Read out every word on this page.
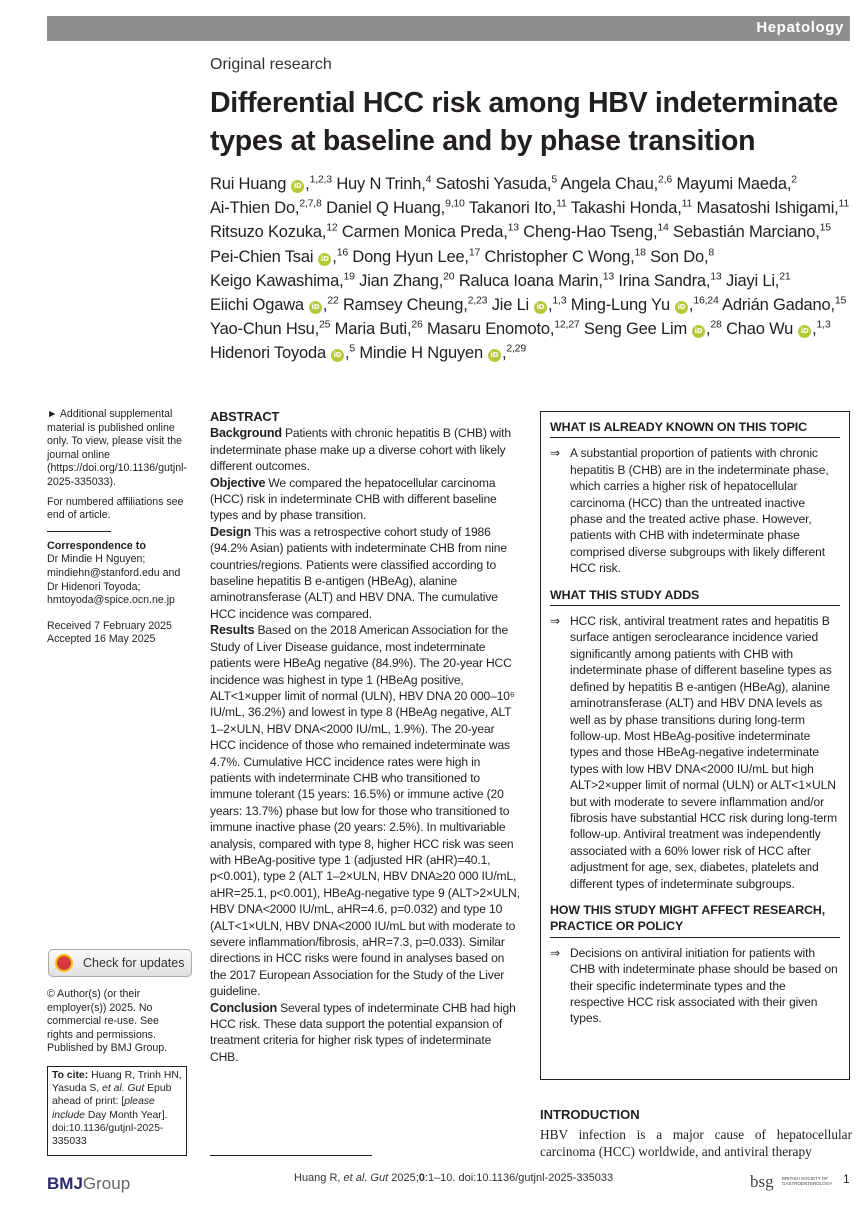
Hepatology
Original research
Differential HCC risk among HBV indeterminate types at baseline and by phase transition
Rui Huang iD ,$^{1,2,3}$ Huy N Trinh,$^4$ Satoshi Yasuda,$^5$ Angela Chau,$^{2,6}$ Mayumi Maeda,$^2$ Ai-Thien Do,$^{2,7,8}$ Daniel Q Huang,$^{9,10}$ Takanori Ito,$^{11}$ Takashi Honda,$^{11}$ Masatoshi Ishigami,$^{11}$ Ritsuzo Kozuka,$^{12}$ Carmen Monica Preda,$^{13}$ Cheng-Hao Tseng,$^{14}$ Sebastián Marciano,$^{15}$ Pei-Chien Tsai iD ,$^{16}$ Dong Hyun Lee,$^{17}$ Christopher C Wong,$^{18}$ Son Do,$^8$ Keigo Kawashima,$^{19}$ Jian Zhang,$^{20}$ Raluca Ioana Marin,$^{13}$ Irina Sandra,$^{13}$ Jiayi Li,$^{21}$ Eiichi Ogawa iD ,$^{22}$ Ramsey Cheung,$^{2,23}$ Jie Li iD ,$^{1,3}$ Ming-Lung Yu iD ,$^{16,24}$ Adrián Gadano,$^{15}$ Yao-Chun Hsu,$^{25}$ Maria Buti,$^{26}$ Masaru Enomoto,$^{12,27}$ Seng Gee Lim iD ,$^{28}$ Chao Wu iD ,$^{1,3}$ Hidenori Toyoda iD ,$^5$ Mindie H Nguyen iD ,$^{2,29}$

► Additional supplemental material is published online only. To view, please visit the journal online (https://doi.org/10.1136/gutjnl-2025-335033).

For numbered affiliations see end of article.

Correspondence to
Dr Mindie H Nguyen; mindiehn@stanford.edu and Dr Hidenori Toyoda; hmtoyoda@spice.ocn.ne.jp

Received 7 February 2025

Accepted 16 May 2025

Check for updates
© Author(s) (or their employer(s)) 2025. No commercial re-use. See rights and permissions. Published by BMJ Group.
To cite: Huang R, Trinh HN, Yasuda S, et al. Gut Epub ahead of print: [please include Day Month Year]. doi:10.1136/gutjnl-2025-335033
ABSTRACT
Background Patients with chronic hepatitis B (CHB) with indeterminate phase make up a diverse cohort with likely different outcomes.
Objective We compared the hepatocellular carcinoma (HCC) risk in indeterminate CHB with different baseline types and by phase transition.
Design This was a retrospective cohort study of 1986 (94.2% Asian) patients with indeterminate CHB from nine countries/regions. Patients were classified according to baseline hepatitis B e-antigen (HBeAg), alanine aminotransferase (ALT) and HBV DNA. The cumulative HCC incidence was compared.
Results Based on the 2018 American Association for the Study of Liver Disease guidance, most indeterminate patients were HBeAg negative (84.9%). The 20-year HCC incidence was highest in type 1 (HBeAg positive, ALT<1×upper limit of normal (ULN), HBV DNA 20 000–10⁶ IU/mL, 36.2%) and lowest in type 8 (HBeAg negative, ALT 1–2×ULN, HBV DNA<2000 IU/mL, 1.9%). The 20-year HCC incidence of those who remained indeterminate was 4.7%. Cumulative HCC incidence rates were high in patients with indeterminate CHB who transitioned to immune tolerant (15 years: 16.5%) or immune active (20 years: 13.7%) phase but low for those who transitioned to immune inactive phase (20 years: 2.5%). In multivariable analysis, compared with type 8, higher HCC risk was seen with HBeAg-positive type 1 (adjusted HR (aHR)=40.1, p<0.001), type 2 (ALT 1–2×ULN, HBV DNA≥20 000 IU/mL, aHR=25.1, p<0.001), HBeAg-negative type 9 (ALT>2×ULN, HBV DNA<2000 IU/mL, aHR=4.6, p=0.032) and type 10 (ALT<1×ULN, HBV DNA<2000 IU/mL but with moderate to severe inflammation/fibrosis, aHR=7.3, p=0.033). Similar directions in HCC risks were found in analyses based on the 2017 European Association for the Study of the Liver guideline.
Conclusion Several types of indeterminate CHB had high HCC risk. These data support the potential expansion of treatment criteria for higher risk types of indeterminate CHB.
WHAT IS ALREADY KNOWN ON THIS TOPIC
⇒ A substantial proportion of patients with chronic hepatitis B (CHB) are in the indeterminate phase, which carries a higher risk of hepatocellular carcinoma (HCC) than the untreated inactive phase and the treated active phase. However, patients with CHB with indeterminate phase comprised diverse subgroups with likely different HCC risk.
WHAT THIS STUDY ADDS
⇒ HCC risk, antiviral treatment rates and hepatitis B surface antigen seroclearance incidence varied significantly among patients with CHB with indeterminate phase of different baseline types as defined by hepatitis B e-antigen (HBeAg), alanine aminotransferase (ALT) and HBV DNA levels as well as by phase transitions during long-term follow-up. Most HBeAg-positive indeterminate types and those HBeAg-negative indeterminate types with low HBV DNA<2000 IU/mL but high ALT>2×upper limit of normal (ULN) or ALT<1×ULN but with moderate to severe inflammation and/or fibrosis have substantial HCC risk during long-term follow-up. Antiviral treatment was independently associated with a 60% lower risk of HCC after adjustment for age, sex, diabetes, platelets and different types of indeterminate subgroups.
HOW THIS STUDY MIGHT AFFECT RESEARCH, PRACTICE OR POLICY
⇒ Decisions on antiviral initiation for patients with CHB with indeterminate phase should be based on their specific indeterminate types and the respective HCC risk associated with their given types.
INTRODUCTION
HBV infection is a major cause of hepatocellular carcinoma (HCC) worldwide, and antiviral therapy
BMJGroup	Huang R, et al. Gut 2025;0:1–10. doi:10.1136/gutjnl-2025-335033	bsg BRITISH SOCIETY OF GASTROENTEROLOGY 1
